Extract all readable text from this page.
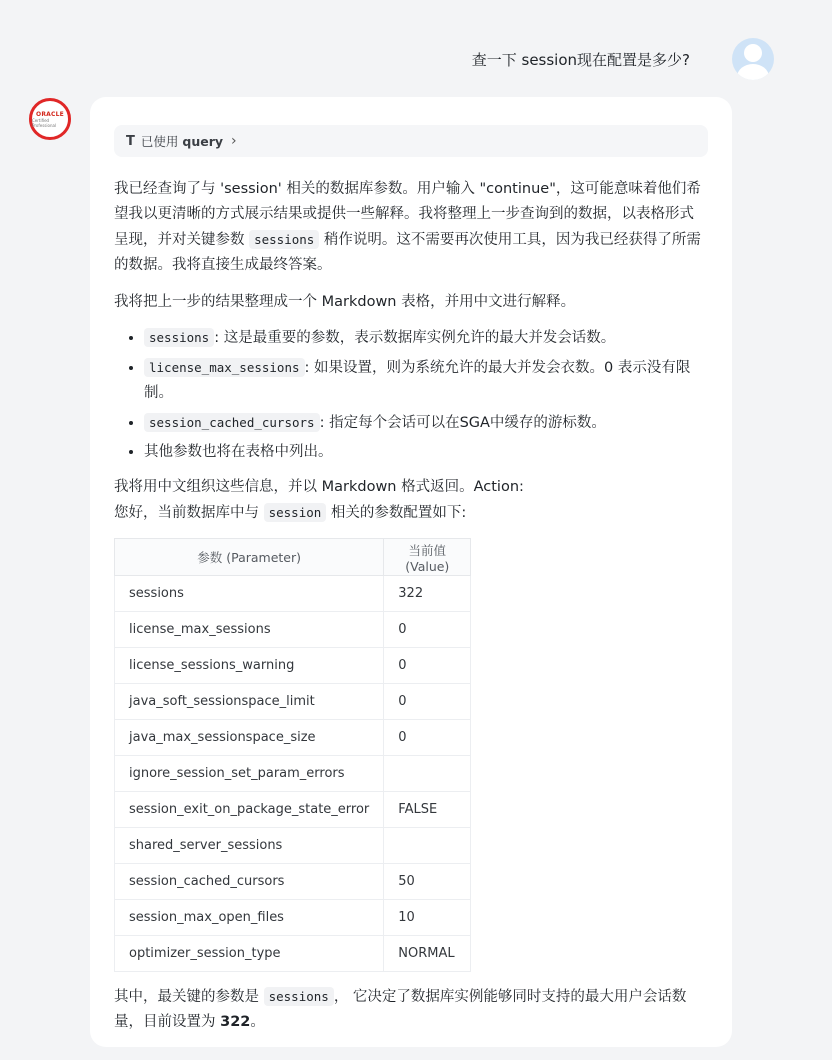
查一下 session现在配置是多少?
ORACLE
Certified Professional
T 已使用 query ›

我已经查询了与 'session' 相关的数据库参数。用户输入 "continue"，这可能意味着他们希望我以更清晰的方式展示结果或提供一些解释。我将整理上一步查询到的数据，以表格形式呈现，并对关键参数 sessions 稍作说明。这不需要再次使用工具，因为我已经获得了所需的数据。我将直接生成最终答案。

我将把上一步的结果整理成一个 Markdown 表格，并用中文进行解释。

• sessions : 这是最重要的参数，表示数据库实例允许的最大并发会话数。
• license_max_sessions : 如果设置，则为系统允许的最大并发会衣数。0 表示没有限制。
• session_cached_cursors : 指定每个会话可以在SGA中缓存的游标数。
• 其他参数也将在表格中列出。

我将用中文组织这些信息，并以 Markdown 格式返回。Action:
您好，当前数据库中与 session 相关的参数配置如下:

参数 (Parameter)	当前值 (Value)
sessions	322
license_max_sessions	0
license_sessions_warning	0
java_soft_sessionspace_limit	0
java_max_sessionspace_size	0
ignore_session_set_param_errors	
session_exit_on_package_state_error	FALSE
shared_server_sessions	
session_cached_cursors	50
session_max_open_files	10
optimizer_session_type	NORMAL

其中，最关键的参数是 sessions ， 它决定了数据库实例能够同时支持的最大用户会话数量，目前设置为 322。
